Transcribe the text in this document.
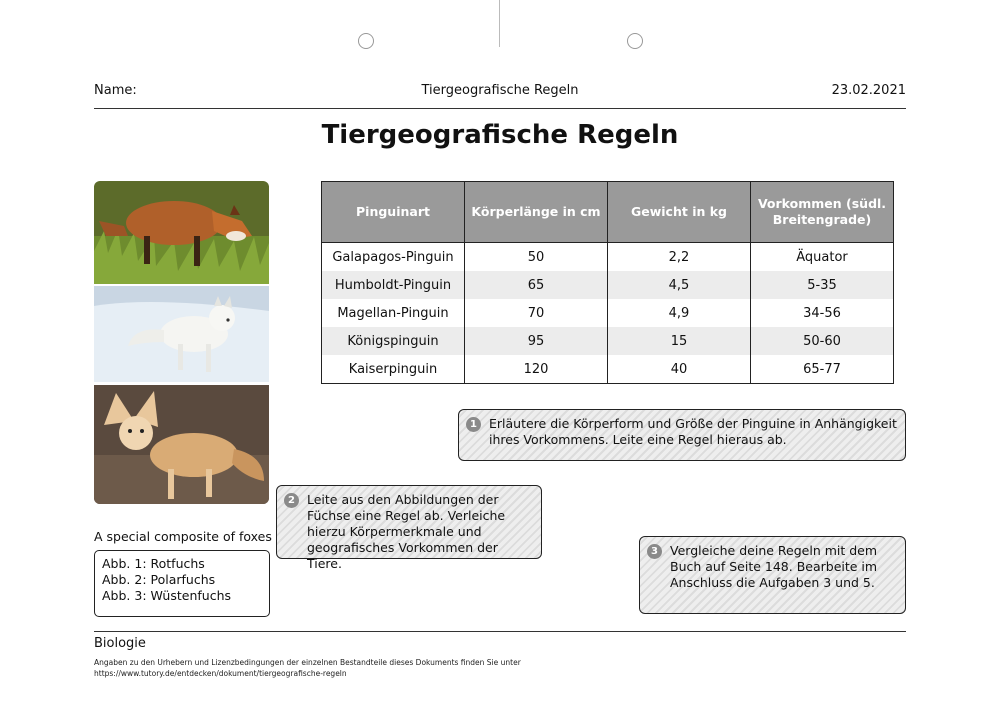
Name:	Tiergeografische Regeln	23.02.2021
Tiergeografische Regeln
A special composite of foxes
Abb. 1: Rotfuchs
Abb. 2: Polarfuchs
Abb. 3: Wüstenfuchs
Pinguinart	Körperlänge in cm	Gewicht in kg	Vorkommen (südl. Breitengrade)
Galapagos-Pinguin	50	2,2	Äquator
Humboldt-Pinguin	65	4,5	5-35
Magellan-Pinguin	70	4,9	34-56
Königspinguin	95	15	50-60
Kaiserpinguin	120	40	65-77
1 Erläutere die Körperform und Größe der Pinguine in Anhängigkeit ihres Vorkommens. Leite eine Regel hieraus ab.
2 Leite aus den Abbildungen der Füchse eine Regel ab. Verleiche hierzu Körpermerkmale und geografisches Vorkommen der Tiere.
3 Vergleiche deine Regeln mit dem Buch auf Seite 148. Bearbeite im Anschluss die Aufgaben 3 und 5.
Biologie
Angaben zu den Urhebern und Lizenzbedingungen der einzelnen Bestandteile dieses Dokuments finden Sie unter
https://www.tutory.de/entdecken/dokument/tiergeografische-regeln
